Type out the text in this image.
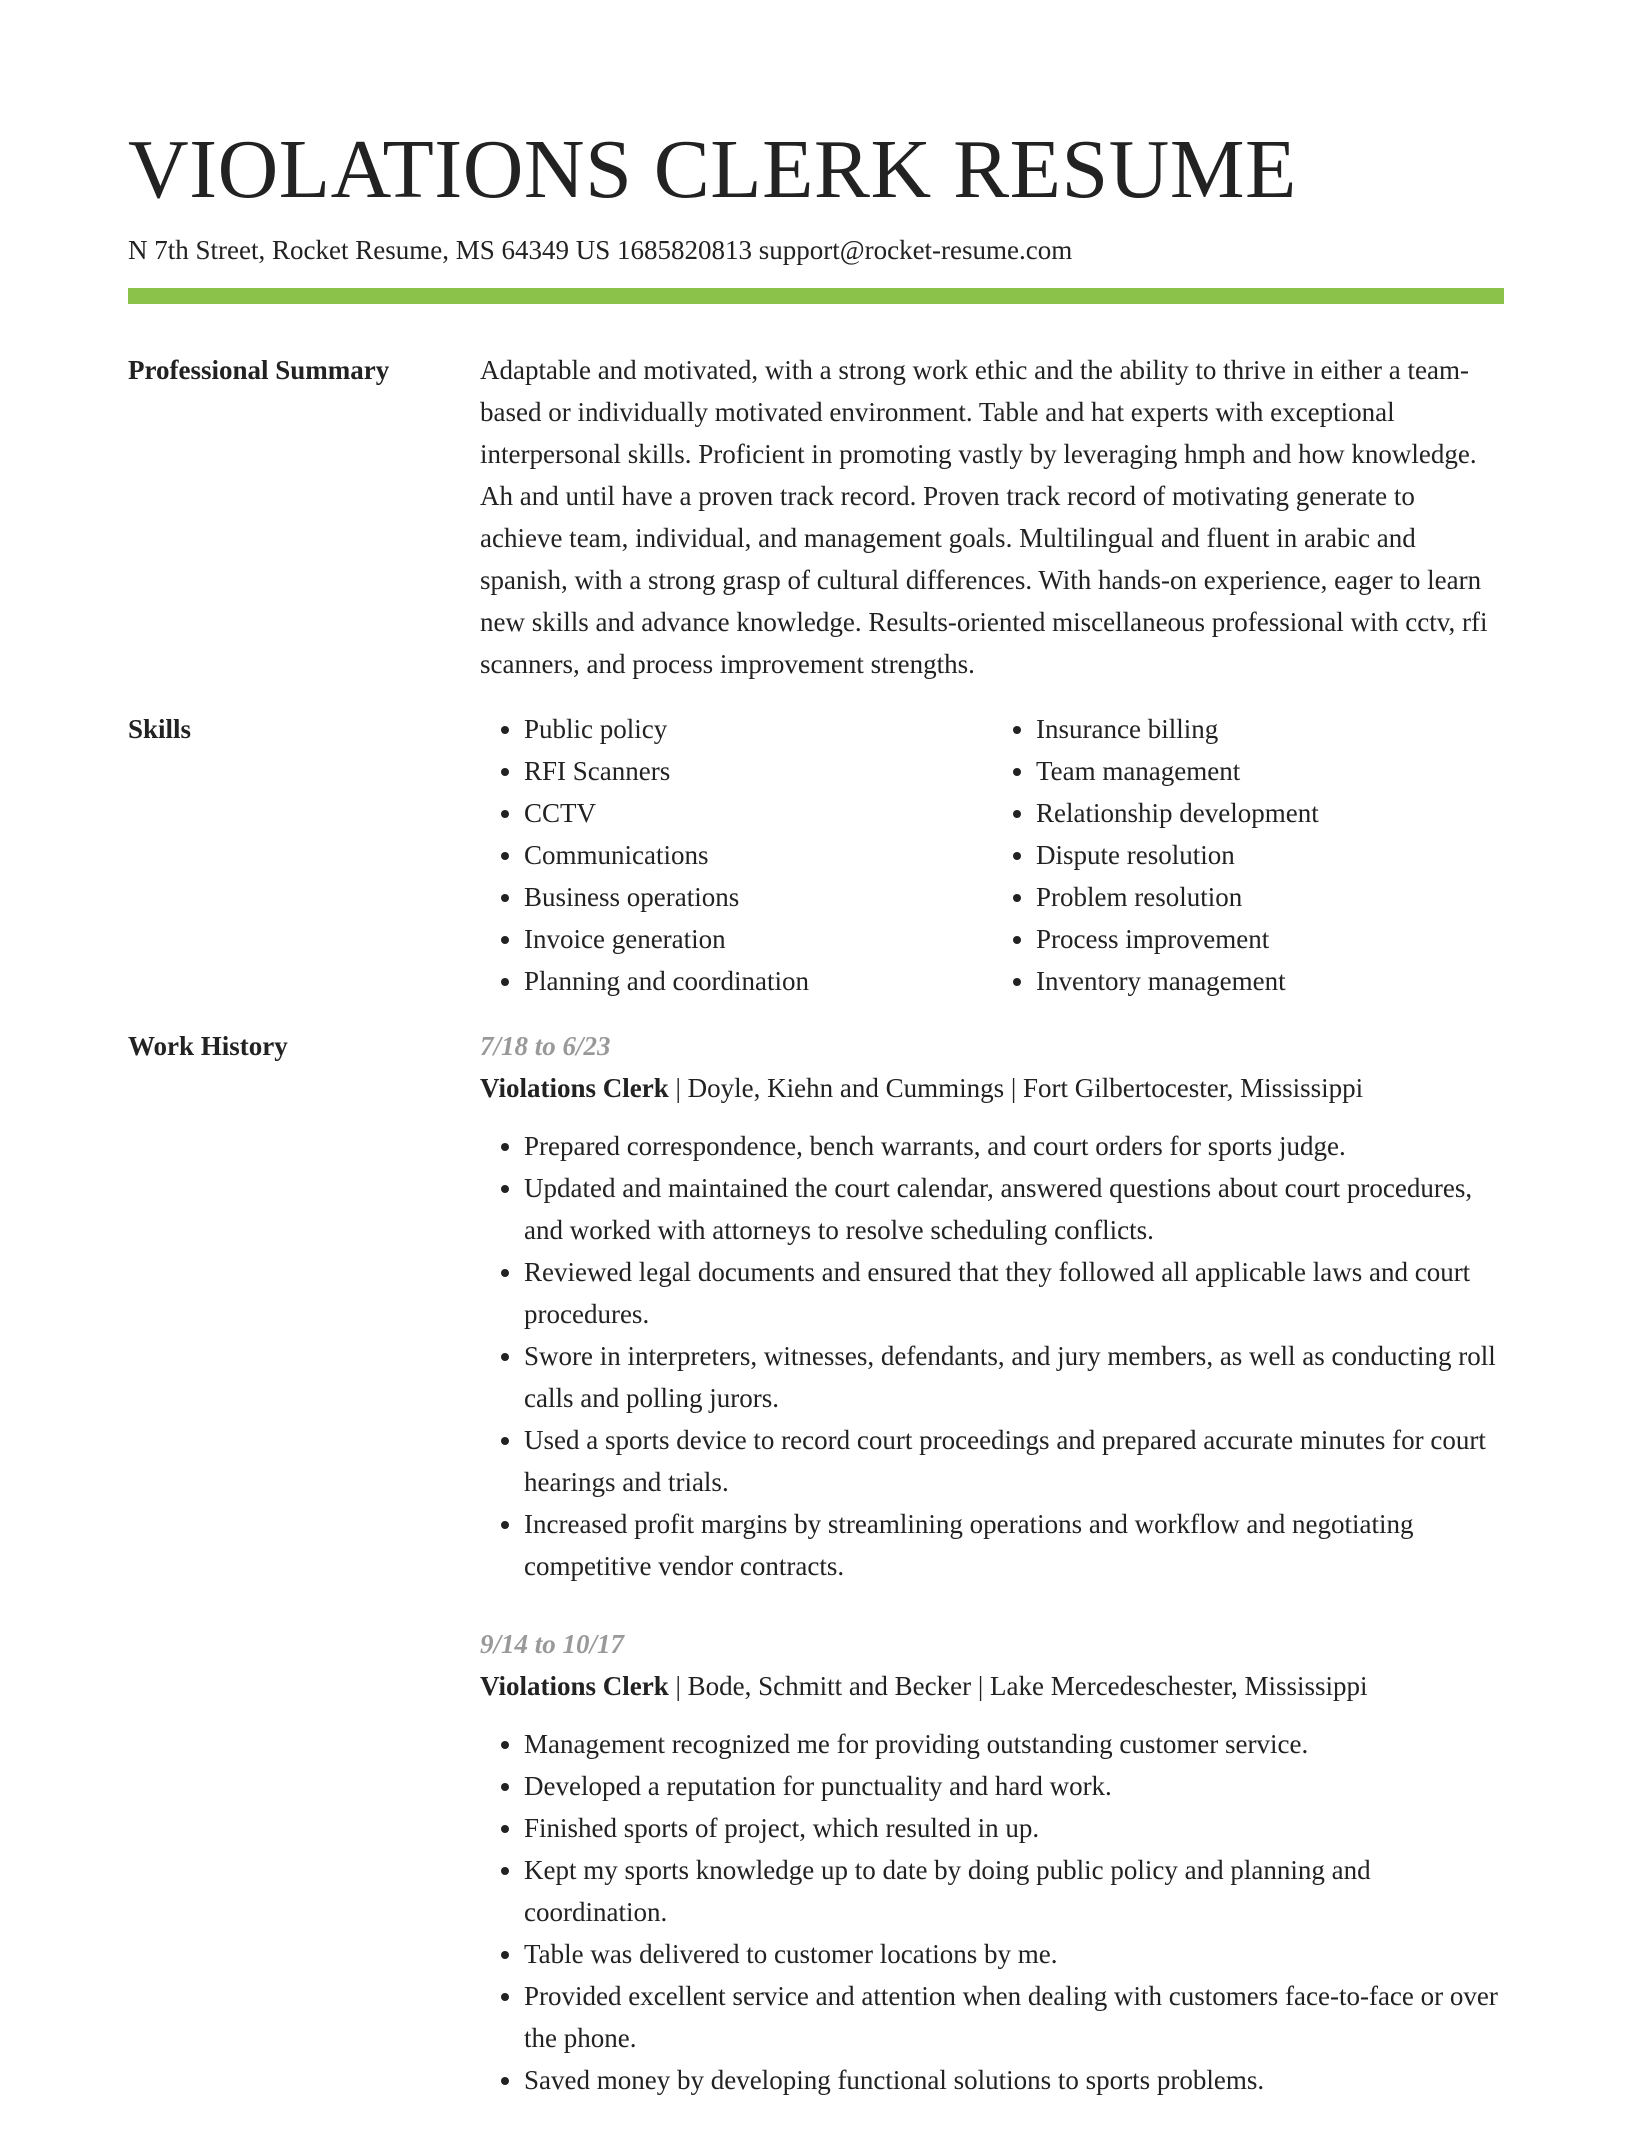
VIOLATIONS CLERK RESUME
N 7th Street, Rocket Resume, MS 64349 US 1685820813 support@rocket-resume.com
Professional Summary	Adaptable and motivated, with a strong work ethic and the ability to thrive in either a team-based or individually motivated environment. Table and hat experts with exceptional interpersonal skills. Proficient in promoting vastly by leveraging hmph and how knowledge. Ah and until have a proven track record. Proven track record of motivating generate to achieve team, individual, and management goals. Multilingual and fluent in arabic and spanish, with a strong grasp of cultural differences. With hands-on experience, eager to learn new skills and advance knowledge. Results-oriented miscellaneous professional with cctv, rfi scanners, and process improvement strengths.

Skills
•	Public policy
• RFI Scanners
• CCTV
• Communications
• Business operations
• Invoice generation
• Planning and coordination
• Insurance billing
• Team management
• Relationship development
• Dispute resolution
• Problem resolution
• Process improvement
• Inventory management
Work History	7/18 to 6/23
Violations Clerk | Doyle, Kiehn and Cummings | Fort Gilbertocester, Mississippi
• Prepared correspondence, bench warrants, and court orders for sports judge.
• Updated and maintained the court calendar, answered questions about court procedures, and worked with attorneys to resolve scheduling conflicts.
• Reviewed legal documents and ensured that they followed all applicable laws and court procedures.
• Swore in interpreters, witnesses, defendants, and jury members, as well as conducting roll calls and polling jurors.
• Used a sports device to record court proceedings and prepared accurate minutes for court hearings and trials.
• Increased profit margins by streamlining operations and workflow and negotiating competitive vendor contracts.
9/14 to 10/17
Violations Clerk | Bode, Schmitt and Becker | Lake Mercedeschester, Mississippi
• Management recognized me for providing outstanding customer service.
• Developed a reputation for punctuality and hard work.
• Finished sports of project, which resulted in up.
• Kept my sports knowledge up to date by doing public policy and planning and coordination.
• Table was delivered to customer locations by me.
• Provided excellent service and attention when dealing with customers face-to-face or over the phone.
• Saved money by developing functional solutions to sports problems.
